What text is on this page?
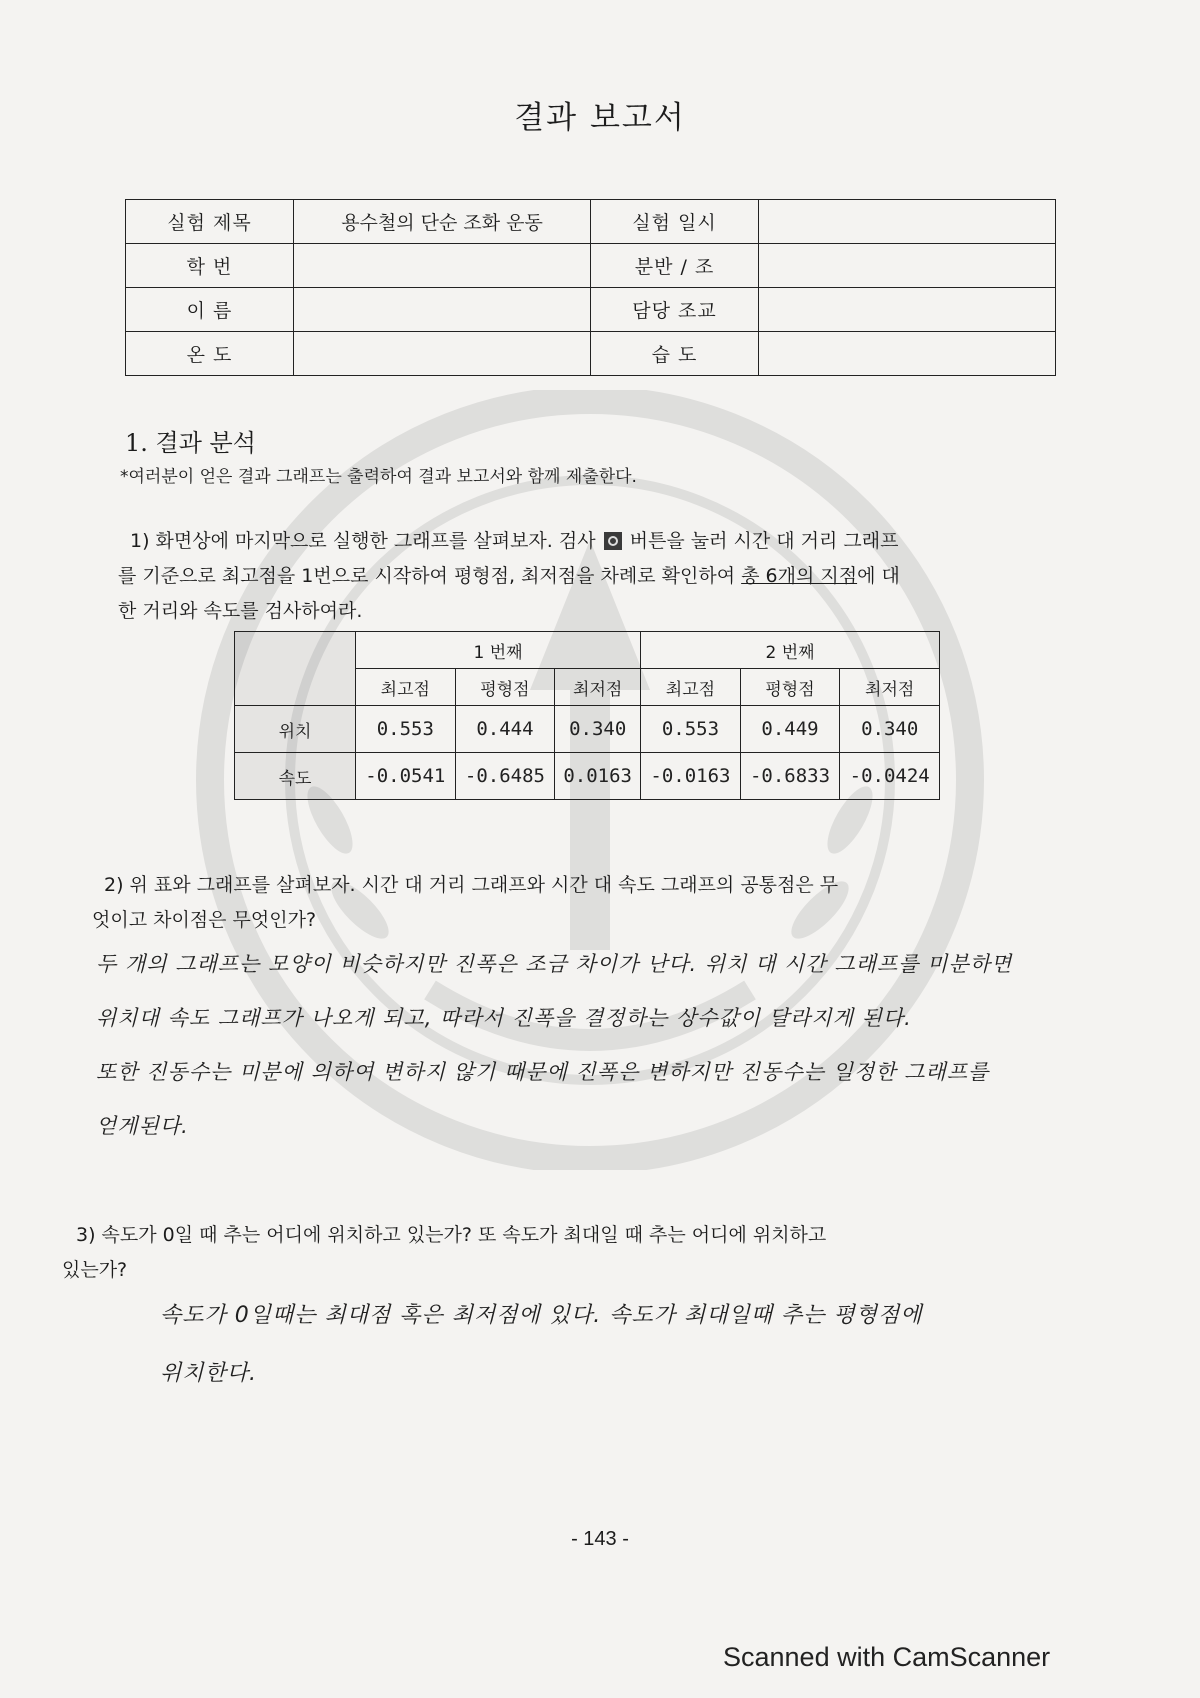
결과 보고서
실험 제목	용수철의 단순 조화 운동	실험 일시	
학 번		분반 / 조	
이 름		담당 조교	
온 도		습 도	
1. 결과 분석
*여러분이 얻은 결과 그래프는 출력하여 결과 보고서와 함께 제출한다.
1) 화면상에 마지막으로 실행한 그래프를 살펴보자. 검사 버튼을 눌러 시간 대 거리 그래프
를 기준으로 최고점을 1번으로 시작하여 평형점, 최저점을 차례로 확인하여 총 6개의 지점에 대
한 거리와 속도를 검사하여라.
	1 번째			2 번째		
	최고점	평형점	최저점	최고점	평형점	최저점
위치	0.553	0.444	0.340	0.553	0.449	0.340
속도	-0.0541	-0.6485	0.0163	-0.0163	-0.6833	-0.0424
2) 위 표와 그래프를 살펴보자. 시간 대 거리 그래프와 시간 대 속도 그래프의 공통점은 무
엇이고 차이점은 무엇인가?
두 개의 그래프는 모양이 비슷하지만 진폭은 조금 차이가 난다. 위치 대 시간 그래프를 미분하면
위치대 속도 그래프가 나오게 되고, 따라서 진폭을 결정하는 상수값이 달라지게 된다.
또한 진동수는 미분에 의하여 변하지 않기 때문에 진폭은 변하지만 진동수는 일정한 그래프를
얻게된다.
3) 속도가 0일 때 추는 어디에 위치하고 있는가? 또 속도가 최대일 때 추는 어디에 위치하고
있는가?
속도가 0일때는 최대점 혹은 최저점에 있다. 속도가 최대일때 추는 평형점에
위치한다.
- 143 -
Scanned with CamScanner
